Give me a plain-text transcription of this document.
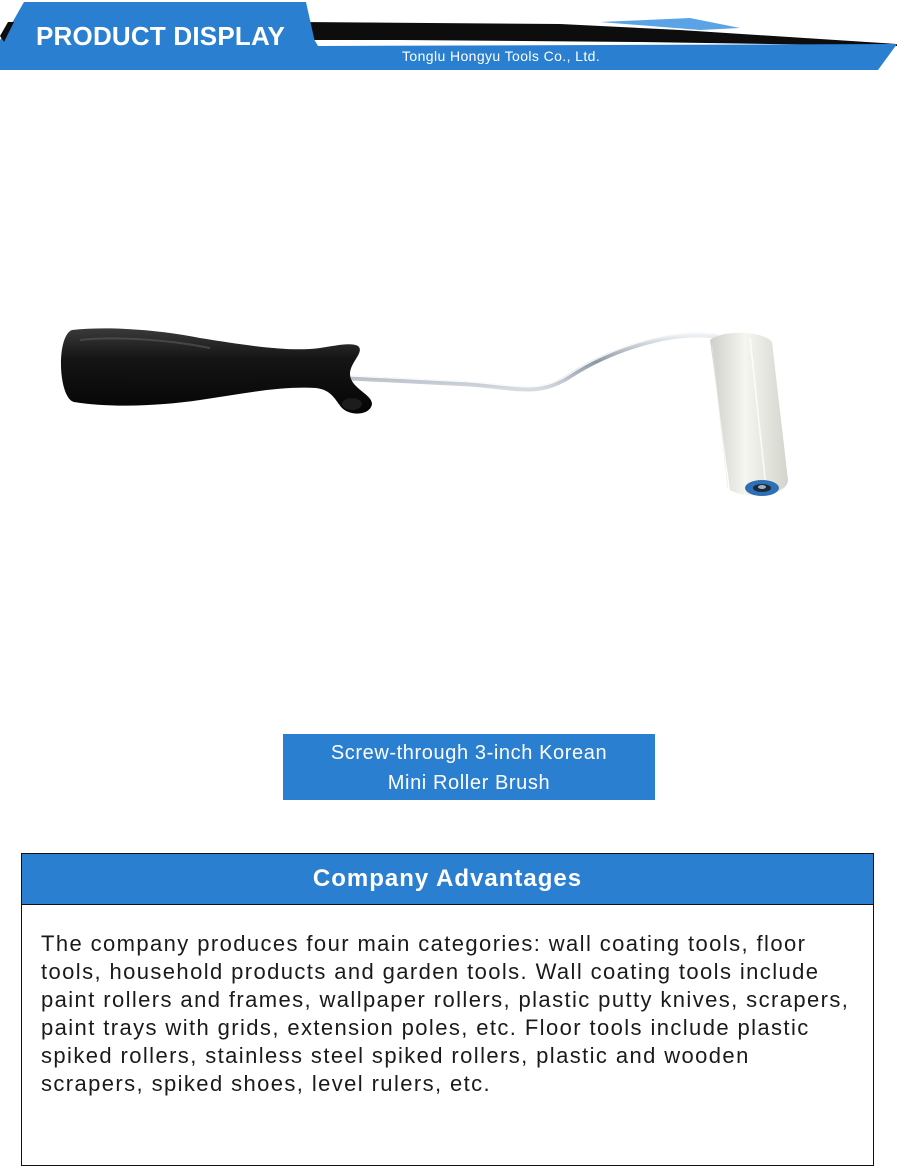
PRODUCT DISPLAY
Tonglu Hongyu Tools Co., Ltd.
Screw-through 3-inch Korean
Mini Roller Brush
Company Advantages
The company produces four main categories: wall coating tools, floor tools, household products and garden tools. Wall coating tools include paint rollers and frames, wallpaper rollers, plastic putty knives, scrapers, paint trays with grids, extension poles, etc. Floor tools include plastic spiked rollers, stainless steel spiked rollers, plastic and wooden scrapers, spiked shoes, level rulers, etc.
